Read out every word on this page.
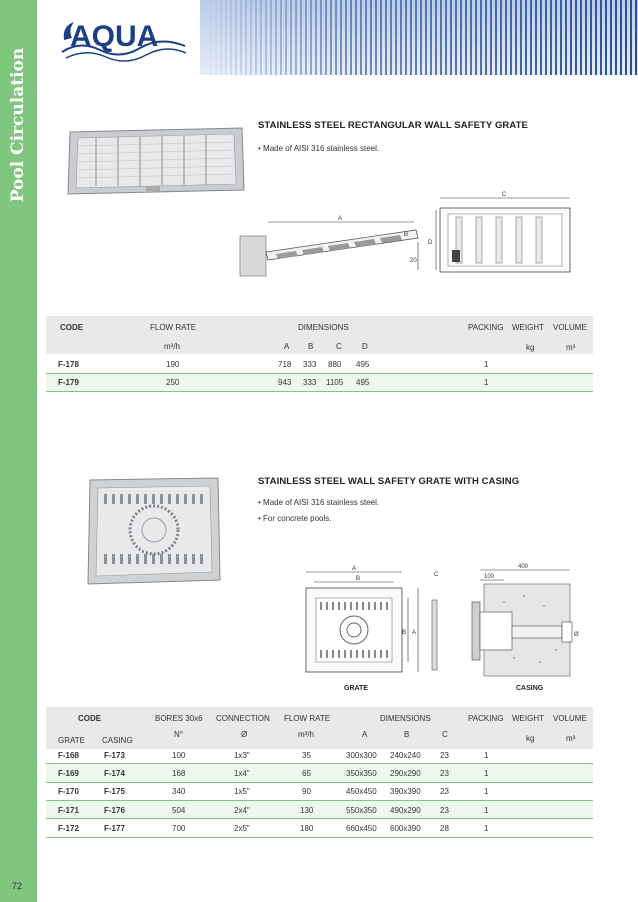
Pool Circulation
72
AQUA
STAINLESS STEEL RECTANGULAR WALL SAFETY GRATE
• Made of AISI 316 stainless steel.
A
B
20
C
D
CODE	FLOW RATE	DIMENSIONS	PACKING WEIGHT VOLUME
m³/h	A B	C	D	kg	m³
F-178	190	718 333 880 495	1
F-179	250	943 333 1105 495	1
STAINLESS STEEL WALL SAFETY GRATE WITH CASING
• Made of AISI 316 stainless steel.
• For concrete pools.
A
B
C
B A
GRATE
400
100
Ø
CASING
CODE	BORES 30x6 CONNECTION FLOW RATE	DIMENSIONS	PACKING WEIGHT VOLUME
GRATE CASING
N°	Ø	m³/h	A	B	C	kg	m³
F-168	F-173	100	1x3"	35	300x300 240x240 23	1
F-169	F-174	168	1x4"	65	350x350 290x290 23	1
F-170	F-175	340	1x5"	90	450x450 390x390 23	1
F-171	F-176	504	2x4"	130	550x350 490x290 23	1
F-172	F-177	700	2x5"	180	660x450 600x390 28	1
